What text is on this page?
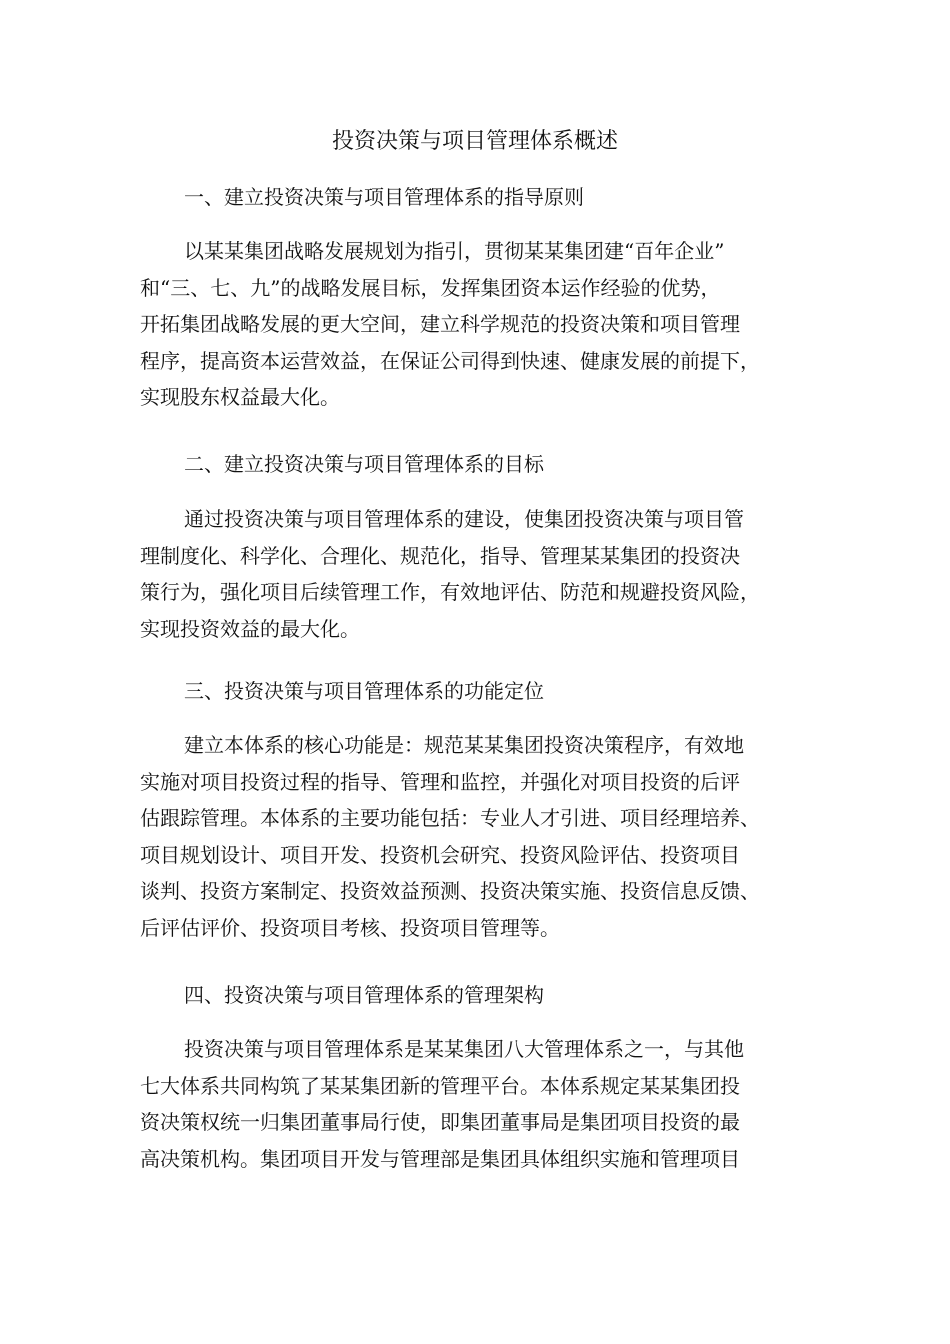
投资决策与项目管理体系概述
一、建立投资决策与项目管理体系的指导原则
以某某集团战略发展规划为指引，贯彻某某集团建“百年企业”
和“三、七、九”的战略发展目标，发挥集团资本运作经验的优势，
开拓集团战略发展的更大空间，建立科学规范的投资决策和项目管理
程序，提高资本运营效益，在保证公司得到快速、健康发展的前提下，
实现股东权益最大化。
二、建立投资决策与项目管理体系的目标
通过投资决策与项目管理体系的建设，使集团投资决策与项目管
理制度化、科学化、合理化、规范化，指导、管理某某集团的投资决
策行为，强化项目后续管理工作，有效地评估、防范和规避投资风险，
实现投资效益的最大化。
三、投资决策与项目管理体系的功能定位
建立本体系的核心功能是：规范某某集团投资决策程序，有效地
实施对项目投资过程的指导、管理和监控，并强化对项目投资的后评
估跟踪管理。本体系的主要功能包括：专业人才引进、项目经理培养、
项目规划设计、项目开发、投资机会研究、投资风险评估、投资项目
谈判、投资方案制定、投资效益预测、投资决策实施、投资信息反馈、
后评估评价、投资项目考核、投资项目管理等。
四、投资决策与项目管理体系的管理架构
投资决策与项目管理体系是某某集团八大管理体系之一，与其他
七大体系共同构筑了某某集团新的管理平台。本体系规定某某集团投
资决策权统一归集团董事局行使，即集团董事局是集团项目投资的最
高决策机构。集团项目开发与管理部是集团具体组织实施和管理项目
